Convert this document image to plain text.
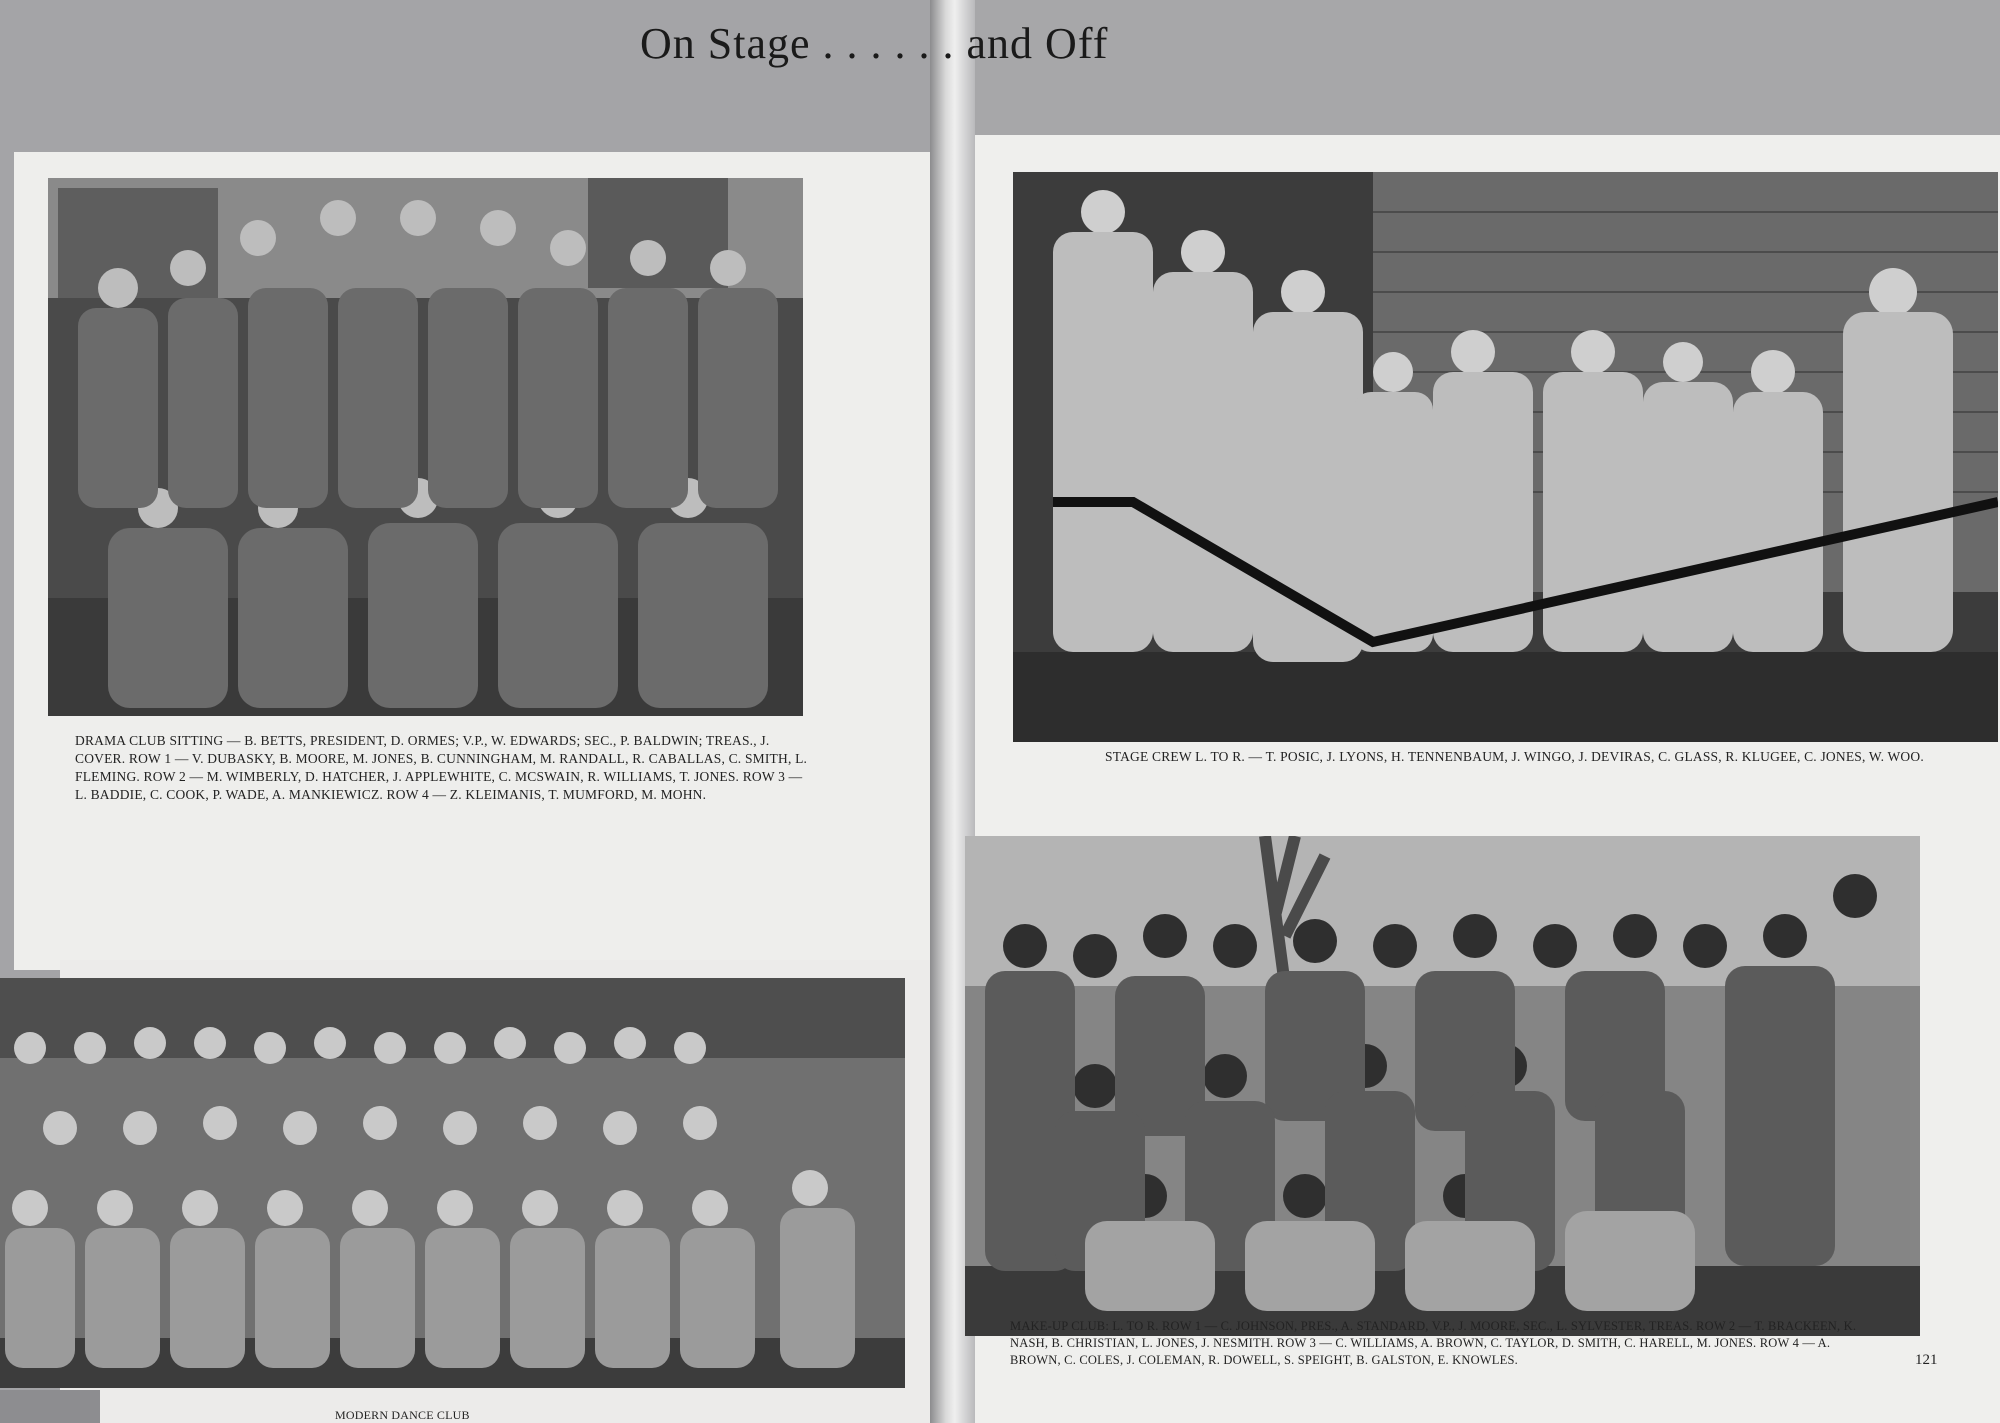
On Stage . . . . . . and Off
DRAMA CLUB SITTING — B. BETTS, PRESIDENT, D. ORMES; V.P., W. EDWARDS; SEC., P. BALDWIN; TREAS., J. COVER. ROW 1 — V. DUBASKY, B. MOORE, M. JONES, B. CUNNINGHAM, M. RANDALL, R. CABALLAS, C. SMITH, L. FLEMING. ROW 2 — M. WIMBERLY, D. HATCHER, J. APPLEWHITE, C. MCSWAIN, R. WILLIAMS, T. JONES. ROW 3 — L. BADDIE, C. COOK, P. WADE, A. MANKIEWICZ. ROW 4 — Z. KLEIMANIS, T. MUMFORD, M. MOHN.
MODERN DANCE CLUB
STAGE CREW L. TO R. — T. POSIC, J. LYONS, H. TENNENBAUM, J. WINGO, J. DEVIRAS, C. GLASS, R. KLUGEE, C. JONES, W. WOO.
MAKE-UP CLUB: L. TO R. ROW 1 — C. JOHNSON, PRES., A. STANDARD, V.P., J. MOORE, SEC., L. SYLVESTER, TREAS. ROW 2 — T. BRACKEEN, K. NASH, B. CHRISTIAN, L. JONES, J. NESMITH. ROW 3 — C. WILLIAMS, A. BROWN, C. TAYLOR, D. SMITH, C. HARELL, M. JONES. ROW 4 — A. BROWN, C. COLES, J. COLEMAN, R. DOWELL, S. SPEIGHT, B. GALSTON, E. KNOWLES.	121
